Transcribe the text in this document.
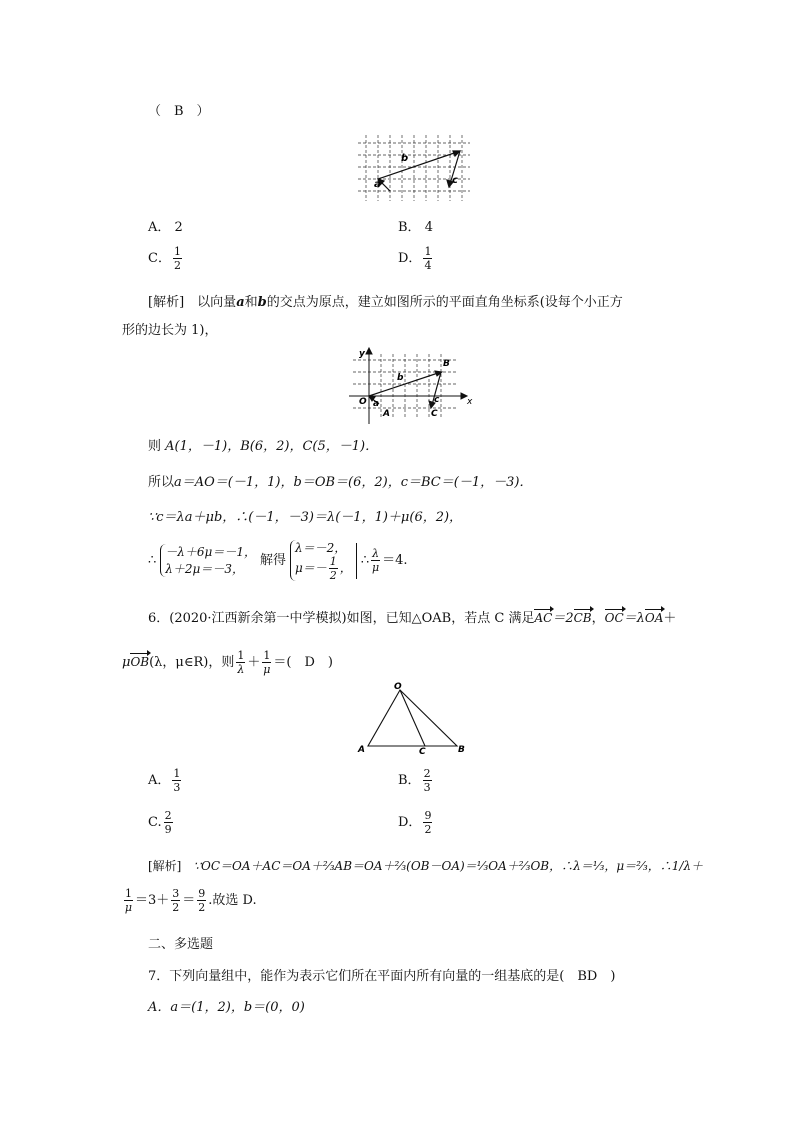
（　B　）
b
a	c
A． 2	B． 4
C． $\frac{1}{2}$	D． $\frac{1}{4}$
[解析]　 以向量a和b的交点为原点，建立如图所示的平面直角坐标系(设每个小正方
形的边长为 1)，
y
x
O
B
A	C
b
a	c
则 A(1，－1)，B(6，2)，C(5，－1)．
所以a＝AO＝(－1，1)，b＝OB＝(6，2)，c＝BC＝(－1，－3)．
∵c＝λa＋μb，∴(－1，－3)＝λ(－1，1)＋μ(6，2)，
∴
－λ＋6μ＝－1，
λ＋2μ＝－3，
解得
λ＝－2，
$\mu=- \frac{1}{2}$ ，
∴ $\frac{\lambda}{\mu} =4$.
6．(2020·江西新余第一中学模拟)如图，已知△OAB，若点 C 满足AC＝2CB，OC＝λOA＋
μOB(λ，μ∈R)，则 $\frac{1}{\lambda} + \frac{1}{\mu}$ ＝(　D　)
O
A	B
C
A． $\frac{1}{3}$	B． $\frac{2}{3}$
C. $\frac{2}{9}$	D． $\frac{9}{2}$
[解析]　 ∵OC＝OA＋AC＝OA＋⅔AB＝OA＋⅔(OB－OA)＝⅓OA＋⅔OB，∴λ＝⅓，μ＝⅔，∴1/λ＋
$\frac{1}{\mu} =3+ \frac{3}{2} = \frac{9}{2}$ .故选 D.
二、多选题
7．下列向量组中，能作为表示它们所在平面内所有向量的一组基底的是(　BD　)
A．a＝(1，2)，b＝(0，0)
